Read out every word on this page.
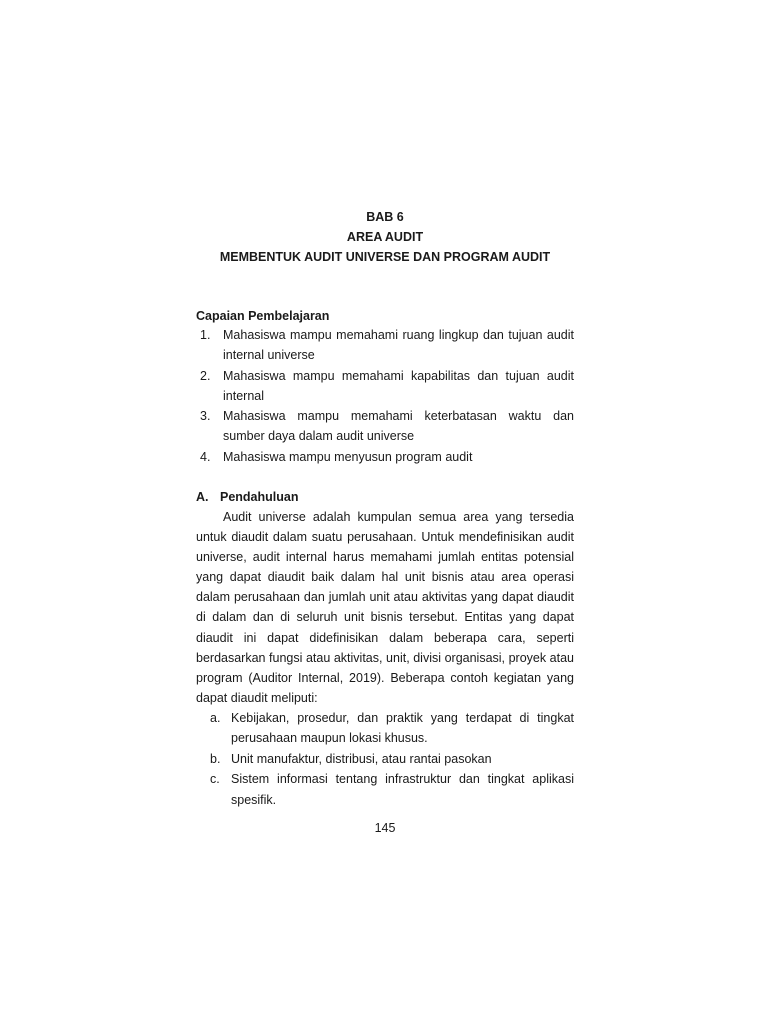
BAB 6
AREA AUDIT
MEMBENTUK AUDIT UNIVERSE DAN PROGRAM AUDIT
Capaian Pembelajaran
1. Mahasiswa mampu memahami ruang lingkup dan tujuan audit internal universe
2. Mahasiswa mampu memahami kapabilitas dan tujuan audit internal
3. Mahasiswa mampu memahami keterbatasan waktu dan sumber daya dalam audit universe
4. Mahasiswa mampu menyusun program audit
A. Pendahuluan

Audit universe adalah kumpulan semua area yang tersedia untuk diaudit dalam suatu perusahaan. Untuk mendefinisikan audit universe, audit internal harus memahami jumlah entitas potensial yang dapat diaudit baik dalam hal unit bisnis atau area operasi dalam perusahaan dan jumlah unit atau aktivitas yang dapat diaudit di dalam dan di seluruh unit bisnis tersebut. Entitas yang dapat diaudit ini dapat didefinisikan dalam beberapa cara, seperti berdasarkan fungsi atau aktivitas, unit, divisi organisasi, proyek atau program (Auditor Internal, 2019). Beberapa contoh kegiatan yang dapat diaudit meliputi:

a. Kebijakan, prosedur, dan praktik yang terdapat di tingkat perusahaan maupun lokasi khusus.
b. Unit manufaktur, distribusi, atau rantai pasokan
c. Sistem informasi tentang infrastruktur dan tingkat aplikasi spesifik.
145
